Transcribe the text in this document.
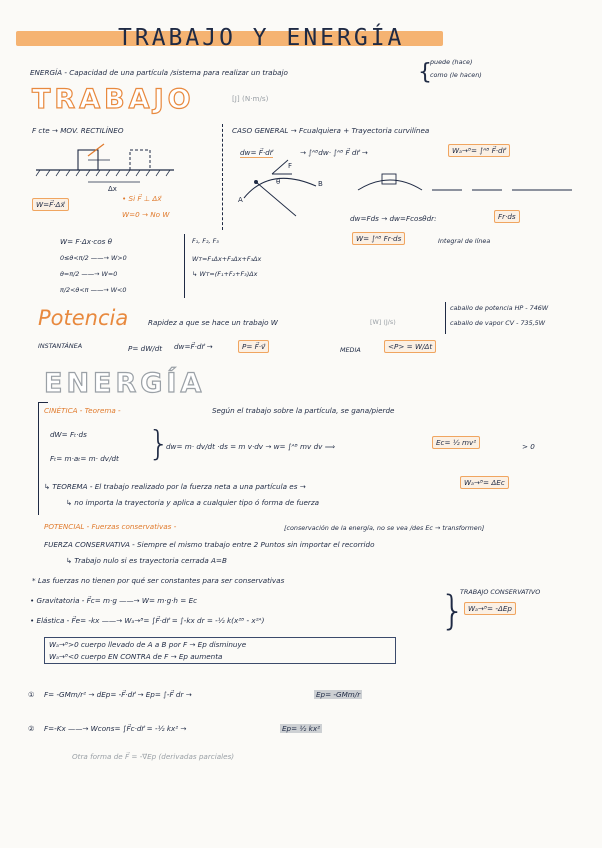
TRABAJO Y ENERGÍA
ENERGÍA - Capacidad de una partícula /sistema para realizar un trabajo	{
puede (hace)
como (le hacen)
TRABAJO	[J] (N·m/s)
F cte → MOV. RECTILÍNEO
Δx
W=F⃗·Δx⃗
• Si F⃗ ⊥ Δx⃗
W=0 → No W
W= F·Δx·cos θ
0≤θ<π/2 ——→ W>0
θ=π/2 ——→ W=0
π/2<θ<π ——→ W<0
F₁, F₂, F₃
Wᴛ=F₁Δx+F₂Δx+F₃Δx
↳ Wᴛ=(F₁+F₂+F₃)Δx
CASO GENERAL → Fcualquiera + Trayectoria curvilínea
dw= F⃗·dr⃗	→ ∫ᴬᴮdw· ∫ᴬᴮ F⃗ dr⃗ →	Wₐ→ᴮ= ∫ᴬᴮ F⃗·dr⃗
A
B
F
θ
dw=Fds → dw=Fcosθdr:	Fr·ds
W= ∫ᴬᴮ Fr·ds	Integral de línea
Potencia	Rapidez a que se hace un trabajo W	[W] (J/s)
caballo de potencia HP - 746W
caballo de vapor CV - 735,5W
INSTANTÁNEA	P= dW/dt dw=F⃗·dr⃗ →	P= F⃗·v⃗	MEDIA	<P> = W/Δt
ENERGÍA
CINÉTICA - Teorema -	Según el trabajo sobre la partícula, se gana/pierde
dW= Fₜ·ds
Fₜ= m·aₜ= m· dv/dt }
dw= m· dv/dt ·ds = m v·dv → w= ∫ᴬᴮ mv dv ⟹	Ec= ½ mv²	> 0
↳ TEOREMA - El trabajo realizado por la fuerza neta a una partícula es →	Wₐ→ᴮ= ΔEc
↳ no importa la trayectoria y aplica a cualquier tipo ó forma de fuerza
POTENCIAL - Fuerzas conservativas -	[conservación de la energía, no se vea /des Ec → transformen]
FUERZA CONSERVATIVA - Siempre el mismo trabajo entre 2 Puntos sin importar el recorrido
↳ Trabajo nulo si es trayectoria cerrada A=B
* Las fuerzas no tienen por qué ser constantes para ser conservativas
• Gravitatoria - F⃗c= m·g ——→ W= m·g·h = Ec
• Elástica - F⃗e= -kx ——→ Wₐ→ᴮ= ∫F⃗·dr⃗ = ∫-kx dr = -½ k(x²ᴮ - x²ᴬ)	}
TRABAJO CONSERVATIVO
Wₐ→ᴮ= -ΔEp
Wₐ→ᴮ>0 cuerpo llevado de A a B por F → Ep disminuye
Wₐ→ᴮ<0 cuerpo EN CONTRA de F → Ep aumenta
① F= -GMm/r² → dEp= -F⃗·dr⃗ → Ep= ∫-F⃗ dr →	Ep= -GMm/r
② F=-Kx ——→ Wcons= ∫F⃗c·dr⃗ = -½ kx² →	Ep= ½ kx²
Otra forma de F⃗ = -∇⃗Ep (derivadas parciales)
